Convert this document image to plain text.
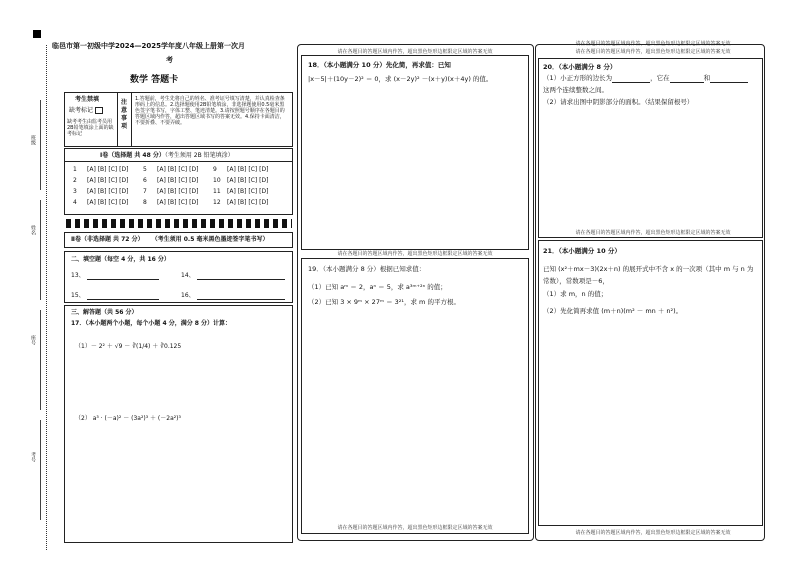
班级
姓名
座号
考号
临邑市第一初级中学2024—2025学年度八年级上册第一次月
考
数学 答题卡
考生禁填
缺考标记
缺考考生由监考员用2B铅笔填涂上面的缺考标记
注意事项
1.答题前，考生先将自己的姓名、准考证号填写清楚，并认真检查条形码上的信息。2.选择题使用2B铅笔填涂，非选择题使用0.5毫米黑色签字笔书写，字体工整、笔迹清楚。3.请按照题号顺序在各题目的答题区域内作答，超出答题区域书写的答案无效。4.保持卡面清洁，不要折叠、不要弄破。
Ⅰ卷（选择题 共 48 分）（考生须用 2B 铅笔填涂）
1	[A] [B] [C] [D]	5	[A] [B] [C] [D]	9	[A] [B] [C] [D]
2	[A] [B] [C] [D]	6	[A] [B] [C] [D]	10	[A] [B] [C] [D]
3	[A] [B] [C] [D]	7	[A] [B] [C] [D]	11	[A] [B] [C] [D]
4	[A] [B] [C] [D]	8	[A] [B] [C] [D]	12	[A] [B] [C] [D]
Ⅱ卷（非选择题 共 72 分） （考生须用 0.5 毫米黑色墨迹签字笔书写）
二、填空题（每空 4 分，共 16 分）
13、	14、
15、	16、
三、解答题（共 56 分）
17．（本小题两个小题，每个小题 4 分，满分 8 分）计算：
（1）－ 2² ＋ √9 － ∛(1/4) ＋ ∛0.125
（2） a³ · (－a)² － (3a²)³ ＋ (－2a²)³
请在各题目的答题区域内作答，超出黑色矩形边框限定区域的答案无效
18．（本小题满分 10 分）先化简，再求值：已知
|x－5|＋(10y－2)² ＝ 0，求 (x－2y)² －(x＋y)(x＋4y) 的值。
请在各题目的答题区域内作答，超出黑色矩形边框限定区域的答案无效
19．（本小题满分 8 分）根据已知求值：
（1）已知 aᵐ ＝ 2，aⁿ ＝ 5，求 a³ᵐ⁺²ⁿ 的值；
（2）已知 3 × 9ᵐ × 27ᵐ ＝ 3²¹，求 m 的平方根。
请在各题目的答题区域内作答，超出黑色矩形边框限定区域的答案无效
请在各题目的答题区域内作答，超出黑色矩形边框限定区域的答案无效
请在各题目的答题区域内作答，超出黑色矩形边框限定区域的答案无效
20．（本小题满分 8 分）
（1）小正方形的边长为	，它在	和
这两个连续整数之间。
（2）请求出图中阴影部分的面积。（结果保留根号）
请在各题目的答题区域内作答，超出黑色矩形边框限定区域的答案无效
21．（本小题满分 10 分）
已知 (x²＋mx－3)(2x＋n) 的展开式中不含 x 的一次项（其中 m 与 n 为常数），常数项是－6，
（1）求 m，n 的值；
（2）先化简再求值 (m＋n)(m² － mn ＋ n²)。
请在各题目的答题区域内作答，超出黑色矩形边框限定区域的答案无效
